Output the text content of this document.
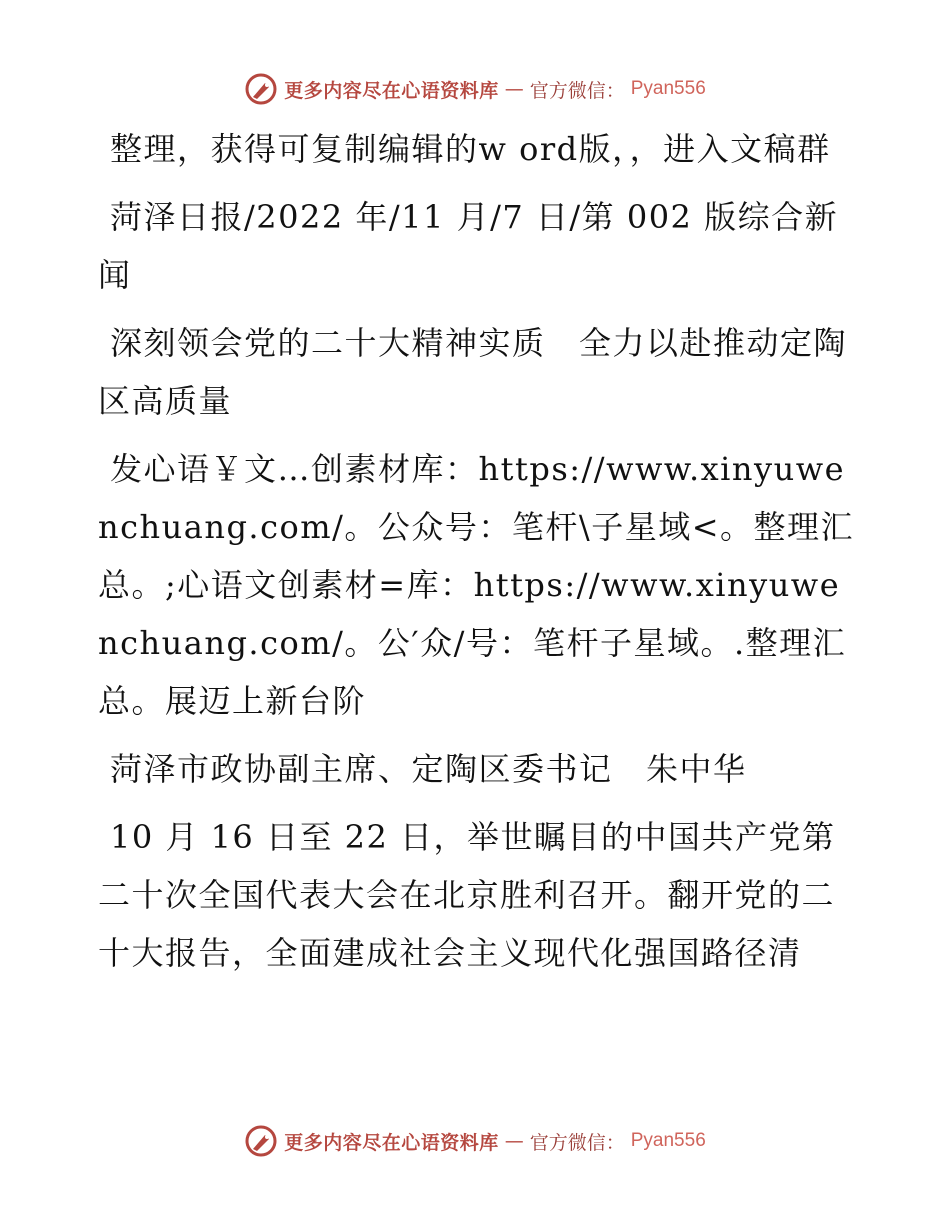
更多内容尽在心语资料库 — 官方微信： Pyan556

整理，获得可复制编辑的w ord版，，进入文稿群

菏泽日报/2022 年/11 月/7 日/第 002 版综合新闻

深刻领会党的二十大精神实质　全力以赴推动定陶区高质量

发心语￥文…创素材库：https://www.xinyuwenchuang.com/。公众号：笔杆\子星域<。整理汇总。;心语文创素材=库：https://www.xinyuwenchuang.com/。公′众/号：笔杆子星域。.整理汇总。展迈上新台阶

菏泽市政协副主席、定陶区委书记　朱中华

10 月 16 日至 22 日，举世瞩目的中国共产党第二十次全国代表大会在北京胜利召开。翻开党的二十大报告，全面建成社会主义现代化强国路径清

更多内容尽在心语资料库 — 官方微信： Pyan556
